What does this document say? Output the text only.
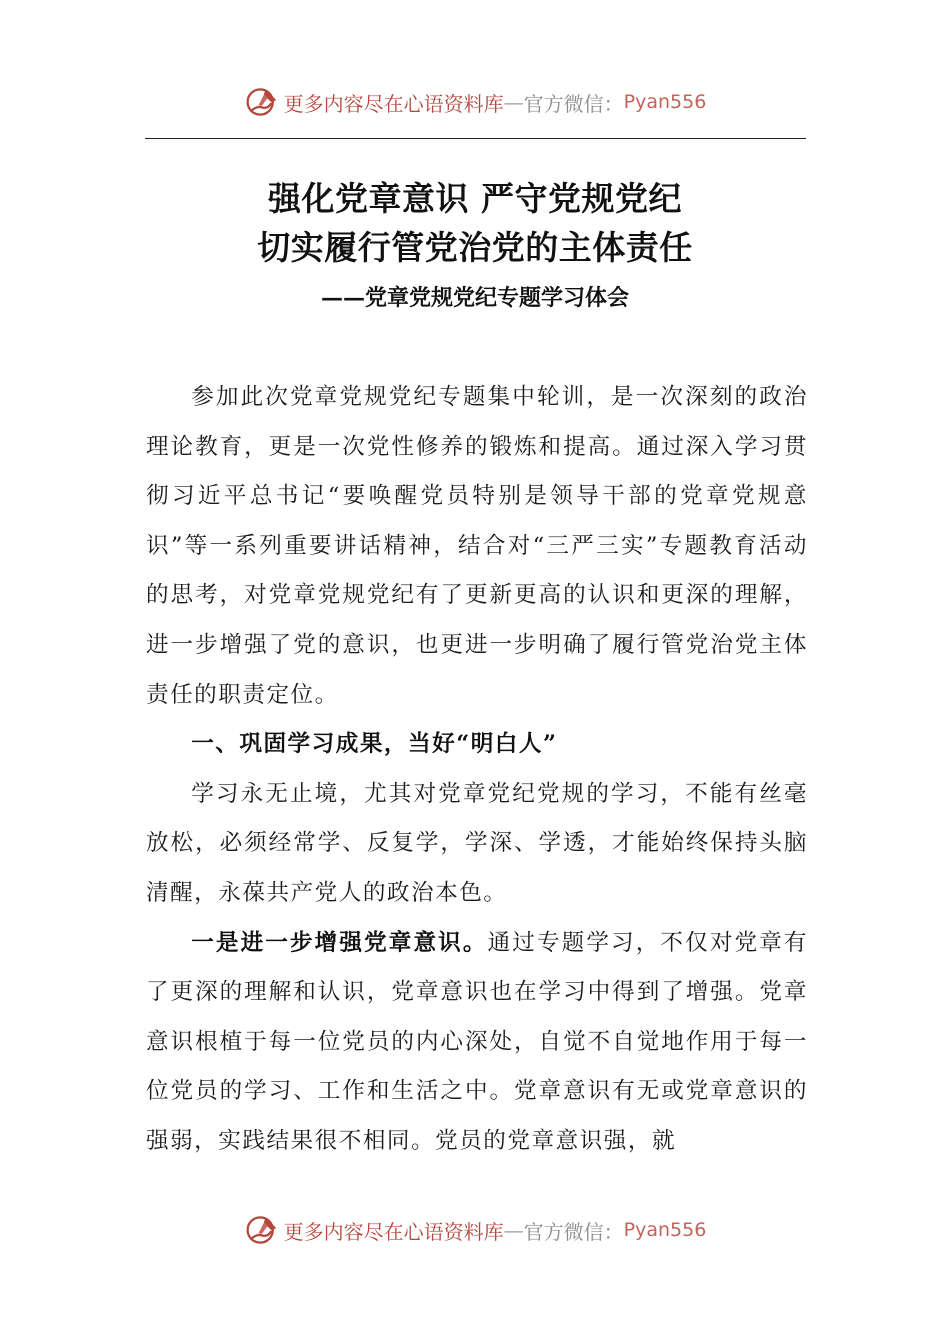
更多内容尽在心语资料库 — 官方微信： Pyan556
强化党章意识 严守党规党纪
切实履行管党治党的主体责任
——党章党规党纪专题学习体会

参加此次党章党规党纪专题集中轮训，是一次深刻的政治理论教育，更是一次党性修养的锻炼和提高。通过深入学习贯彻习近平总书记“要唤醒党员特别是领导干部的党章党规意识”等一系列重要讲话精神，结合对“三严三实”专题教育活动的思考，对党章党规党纪有了更新更高的认识和更深的理解，进一步增强了党的意识，也更进一步明确了履行管党治党主体责任的职责定位。

一、巩固学习成果，当好“明白人”

学习永无止境，尤其对党章党纪党规的学习，不能有丝毫放松，必须经常学、反复学，学深、学透，才能始终保持头脑清醒，永葆共产党人的政治本色。

一是进一步增强党章意识。通过专题学习，不仅对党章有了更深的理解和认识，党章意识也在学习中得到了增强。党章意识根植于每一位党员的内心深处，自觉不自觉地作用于每一位党员的学习、工作和生活之中。党章意识有无或党章意识的强弱，实践结果很不相同。党员的党章意识强，就

更多内容尽在心语资料库 — 官方微信： Pyan556
